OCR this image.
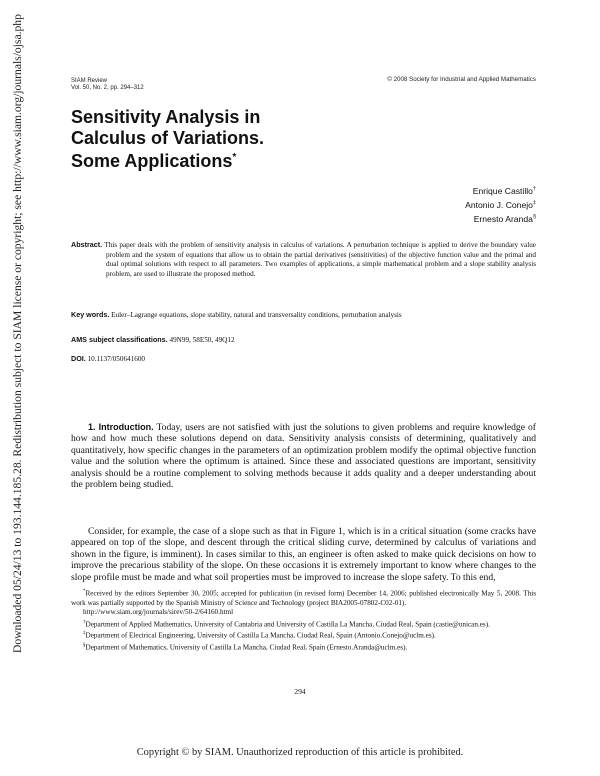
Downloaded 05/24/13 to 193.144.185.28. Redistribution subject to SIAM license or copyright; see http://www.siam.org/journals/ojsa.php	SIAM Review
Vol. 50, No. 2, pp. 294–312
© 2008 Society for Industrial and Applied Mathematics
Sensitivity Analysis in
Calculus of Variations.
Some Applications*
Enrique Castillo†
Antonio J. Conejo‡
Ernesto Aranda§
Abstract. This paper deals with the problem of sensitivity analysis in calculus of variations. A perturbation technique is applied to derive the boundary value problem and the system of equations that allow us to obtain the partial derivatives (sensitivities) of the objective function value and the primal and dual optimal solutions with respect to all parameters. Two examples of applications, a simple mathematical problem and a slope stability analysis problem, are used to illustrate the proposed method.
Key words. Euler–Lagrange equations, slope stability, natural and transversality conditions, perturbation analysis
AMS subject classifications. 49N99, 58E50, 49Q12
DOI. 10.1137/050641600

1. Introduction. Today, users are not satisfied with just the solutions to given problems and require knowledge of how and how much these solutions depend on data. Sensitivity analysis consists of determining, qualitatively and quantitatively, how specific changes in the parameters of an optimization problem modify the optimal objective function value and the solution where the optimum is attained. Since these and associated questions are important, sensitivity analysis should be a routine complement to solving methods because it adds quality and a deeper understanding about the problem being studied.

Consider, for example, the case of a slope such as that in Figure 1, which is in a critical situation (some cracks have appeared on top of the slope, and descent through the critical sliding curve, determined by calculus of variations and shown in the figure, is imminent). In cases similar to this, an engineer is often asked to make quick decisions on how to improve the precarious stability of the slope. On these occasions it is extremely important to know where changes to the slope profile must be made and what soil properties must be improved to increase the slope safety. To this end,

*Received by the editors September 30, 2005; accepted for publication (in revised form) December 14, 2006; published electronically May 5, 2008. This work was partially supported by the Spanish Ministry of Science and Technology (project BIA2005-07802-C02-01).

http://www.siam.org/journals/sirev/50-2/64160.html

†Department of Applied Mathematics, University of Cantabria and University of Castilla La Mancha, Ciudad Real, Spain (castie@unican.es).

‡Department of Electrical Engineering, University of Castilla La Mancha, Ciudad Real, Spain (Antonio.Conejo@uclm.es).

§Department of Mathematics, University of Castilla La Mancha, Ciudad Real, Spain (Ernesto.Aranda@uclm.es).

294
Copyright © by SIAM. Unauthorized reproduction of this article is prohibited.
